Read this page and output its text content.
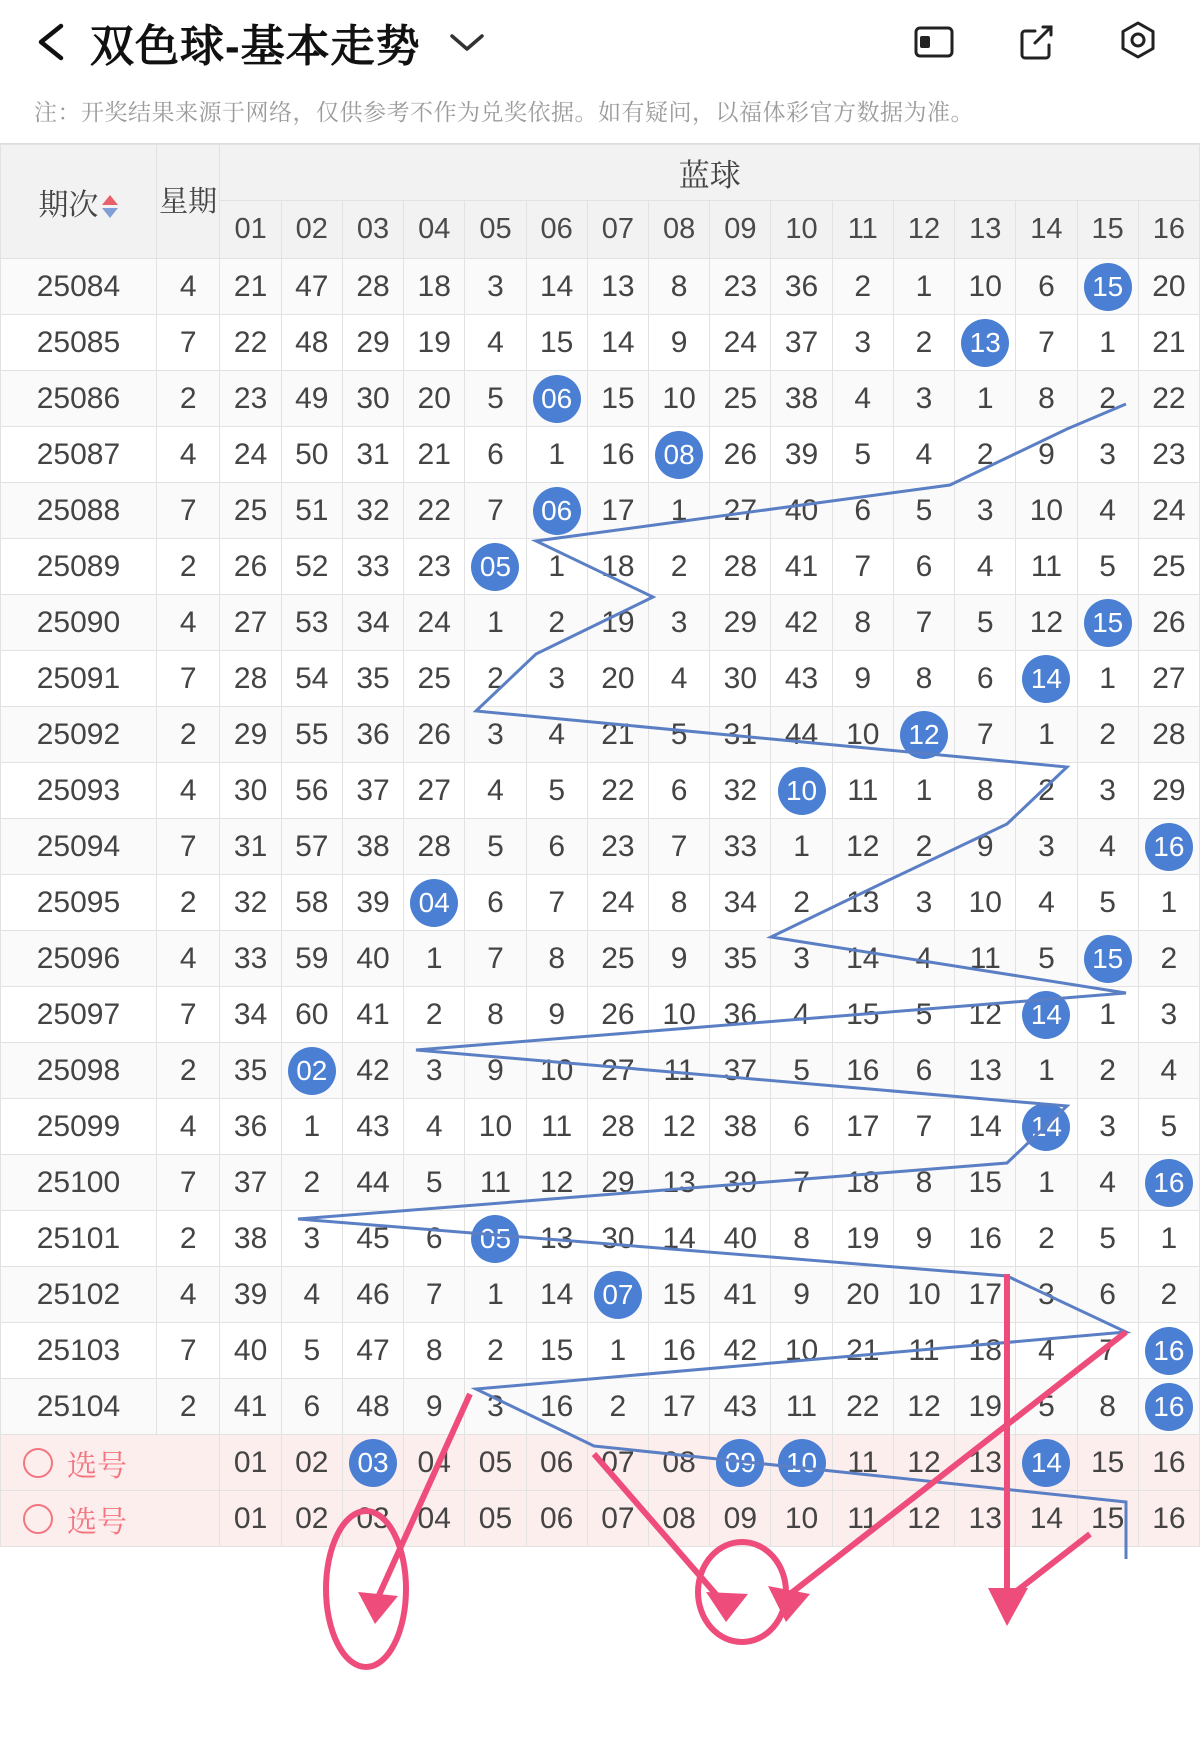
双色球-基本走势
注：开奖结果来源于网络，仅供参考不作为兑奖依据。如有疑问，以福体彩官方数据为准。
期次	星期	蓝球															
		01	02	03	04	05	06	07	08	09	10	11	12	13	14	15	16
25084	4	21	47	28	18	3	14	13	8	23	36	2	1	10	6	15	20
25085	7	22	48	29	19	4	15	14	9	24	37	3	2	13	7	1	21
25086	2	23	49	30	20	5	06	15	10	25	38	4	3	1	8	2	22
25087	4	24	50	31	21	6	1	16	08	26	39	5	4	2	9	3	23
25088	7	25	51	32	22	7	06	17	1	27	40	6	5	3	10	4	24
25089	2	26	52	33	23	05	1	18	2	28	41	7	6	4	11	5	25
25090	4	27	53	34	24	1	2	19	3	29	42	8	7	5	12	15	26
25091	7	28	54	35	25	2	3	20	4	30	43	9	8	6	14	1	27
25092	2	29	55	36	26	3	4	21	5	31	44	10	12	7	1	2	28
25093	4	30	56	37	27	4	5	22	6	32	10	11	1	8	2	3	29
25094	7	31	57	38	28	5	6	23	7	33	1	12	2	9	3	4	16
25095	2	32	58	39	04	6	7	24	8	34	2	13	3	10	4	5	1
25096	4	33	59	40	1	7	8	25	9	35	3	14	4	11	5	15	2
25097	7	34	60	41	2	8	9	26	10	36	4	15	5	12	14	1	3
25098	2	35	02	42	3	9	10	27	11	37	5	16	6	13	1	2	4
25099	4	36	1	43	4	10	11	28	12	38	6	17	7	14	14	3	5
25100	7	37	2	44	5	11	12	29	13	39	7	18	8	15	1	4	16
25101	2	38	3	45	6	05	13	30	14	40	8	19	9	16	2	5	1
25102	4	39	4	46	7	1	14	07	15	41	9	20	10	17	3	6	2
25103	7	40	5	47	8	2	15	1	16	42	10	21	11	18	4	7	16
25104	2	41	6	48	9	3	16	2	17	43	11	22	12	19	5	8	16

选号		01	02	03	04	05	06	07	08	09	10	11	12	13	14	15	16

选号		01	02	03	04	05	06	07	08	09	10	11	12	13	14	15	16
